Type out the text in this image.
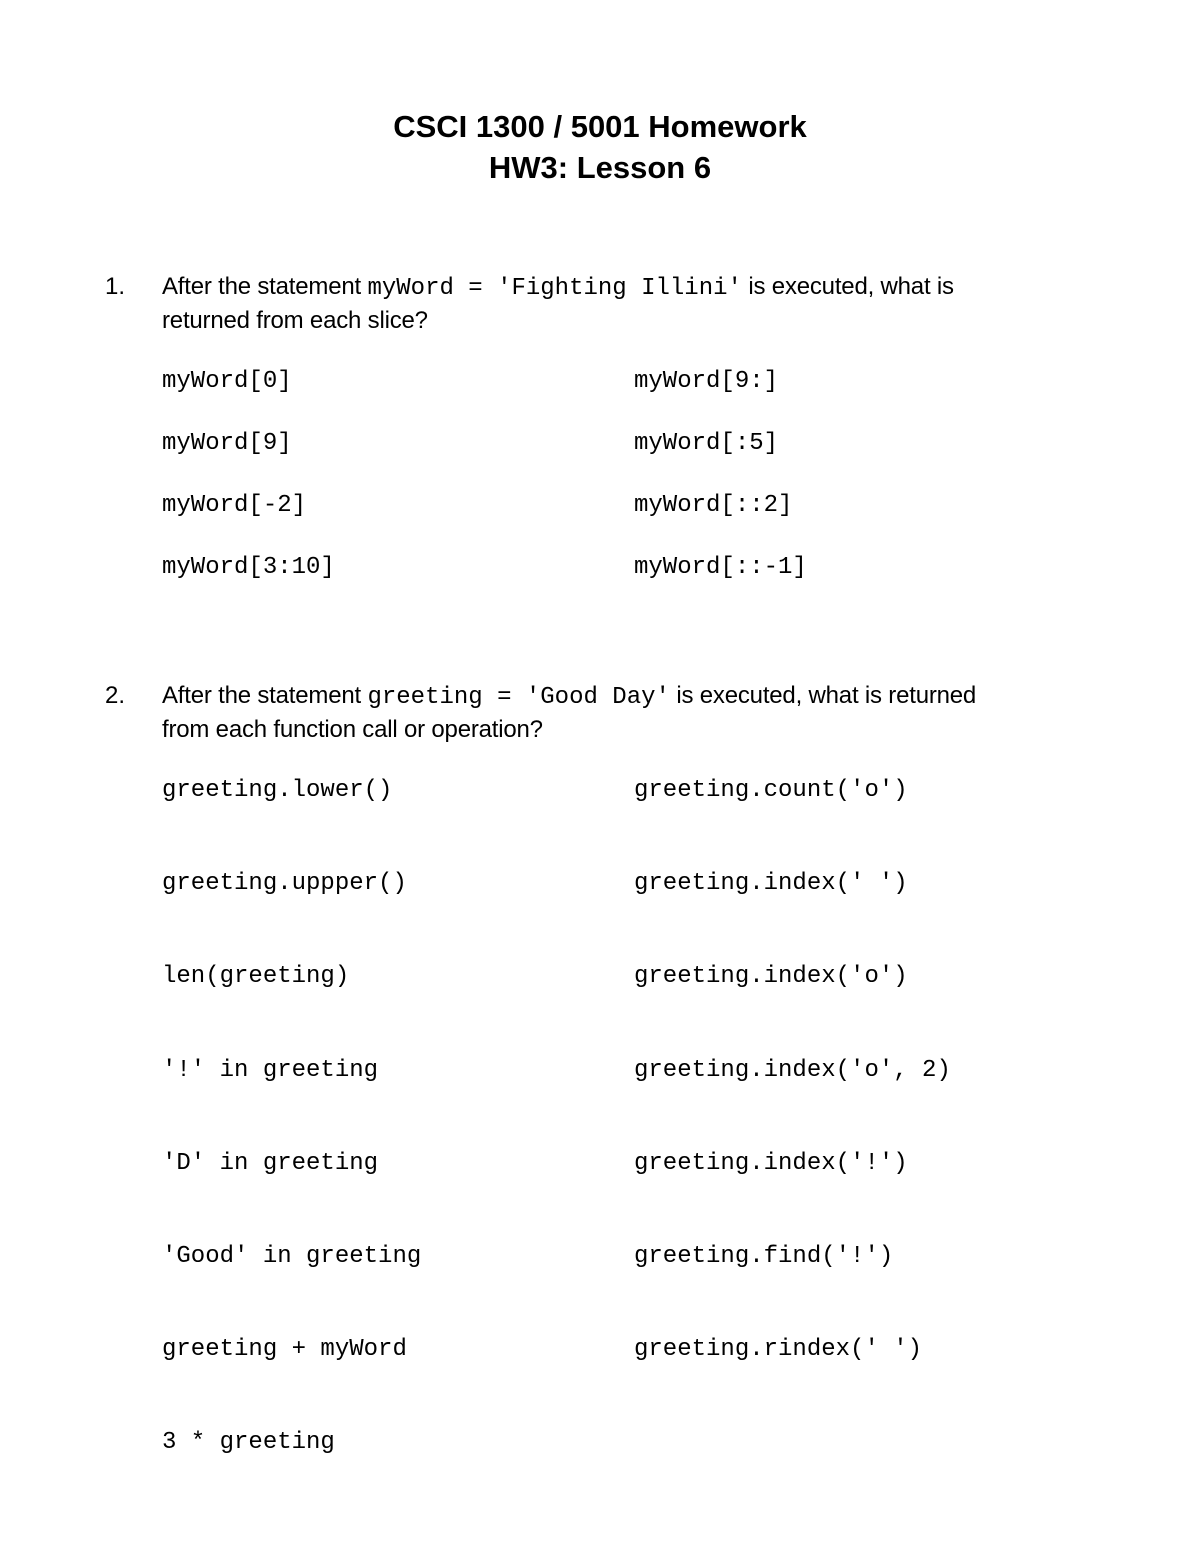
CSCI 1300 / 5001 Homework
HW3: Lesson 6
1. After the statement myWord = 'Fighting Illini' is executed, what is
returned from each slice?
myWord[0]
myWord[9]
myWord[-2]
myWord[3:10]
myWord[9:]
myWord[:5]
myWord[::2]
myWord[::-1]
2. After the statement greeting = 'Good Day' is executed, what is returned
from each function call or operation?
greeting.lower()
greeting.uppper()
len(greeting)
'!' in greeting
'D' in greeting
'Good' in greeting
greeting + myWord
3 * greeting
greeting.count('o')
greeting.index(' ')
greeting.index('o')
greeting.index('o', 2)
greeting.index('!')
greeting.find('!')
greeting.rindex(' ')
